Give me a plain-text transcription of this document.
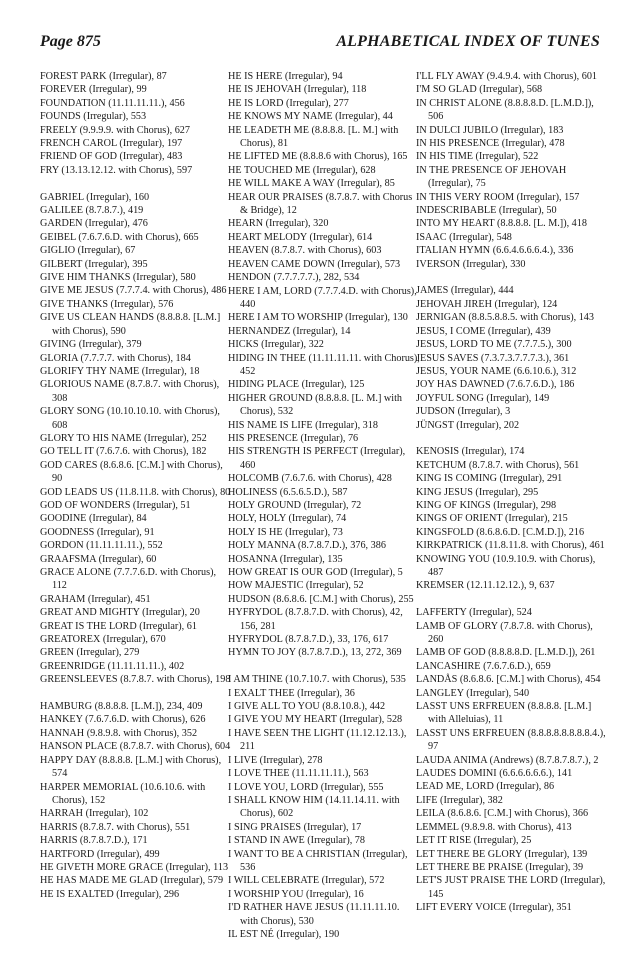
Page 875	ALPHABETICAL INDEX OF TUNES
FOREST PARK (Irregular), 87
FOREVER (Irregular), 99
FOUNDATION (11.11.11.11.), 456
FOUNDS (Irregular), 553
FREELY (9.9.9.9. with Chorus), 627
FRENCH CAROL (Irregular), 197
FRIEND OF GOD (Irregular), 483
FRY (13.13.12.12. with Chorus), 597
GABRIEL (Irregular), 160
GALILEE (8.7.8.7.), 419
GARDEN (Irregular), 476
GEIBEL (7.6.7.6.D. with Chorus), 665
GIGLIO (Irregular), 67
GILBERT (Irregular), 395
GIVE HIM THANKS (Irregular), 580
GIVE ME JESUS (7.7.7.4. with Chorus), 486
GIVE THANKS (Irregular), 576
GIVE US CLEAN HANDS (8.8.8.8. [L.M.] with Chorus), 590
GIVING (Irregular), 379
GLORIA (7.7.7.7. with Chorus), 184
GLORIFY THY NAME (Irregular), 18
GLORIOUS NAME (8.7.8.7. with Chorus), 308
GLORY SONG (10.10.10.10. with Chorus), 608
GLORY TO HIS NAME (Irregular), 252
GO TELL IT (7.6.7.6. with Chorus), 182
GOD CARES (8.6.8.6. [C.M.] with Chorus), 90
GOD LEADS US (11.8.11.8. with Chorus), 80
GOD OF WONDERS (Irregular), 51
GOODINE (Irregular), 84
GOODNESS (Irregular), 91
GORDON (11.11.11.11.), 552
GRAAFSMA (Irregular), 60
GRACE ALONE (7.7.7.6.D. with Chorus), 112
GRAHAM (Irregular), 451
GREAT AND MIGHTY (Irregular), 20
GREAT IS THE LORD (Irregular), 61
GREATOREX (Irregular), 670
GREEN (Irregular), 279
GREENRIDGE (11.11.11.11.), 402
GREENSLEEVES (8.7.8.7. with Chorus), 198
HAMBURG (8.8.8.8. [L.M.]), 234, 409
HANKEY (7.6.7.6.D. with Chorus), 626
HANNAH (9.8.9.8. with Chorus), 352
HANSON PLACE (8.7.8.7. with Chorus), 604
HAPPY DAY (8.8.8.8. [L.M.] with Chorus), 574
HARPER MEMORIAL (10.6.10.6. with Chorus), 152
HARRAH (Irregular), 102
HARRIS (8.7.8.7. with Chorus), 551
HARRIS (8.7.8.7.D.), 171
HARTFORD (Irregular), 499
HE GIVETH MORE GRACE (Irregular), 113
HE HAS MADE ME GLAD (Irregular), 579
HE IS EXALTED (Irregular), 296
HE IS HERE (Irregular), 94
HE IS JEHOVAH (Irregular), 118
HE IS LORD (Irregular), 277
HE KNOWS MY NAME (Irregular), 44
HE LEADETH ME (8.8.8.8. [L. M.] with Chorus), 81
HE LIFTED ME (8.8.8.6 with Chorus), 165
HE TOUCHED ME (Irregular), 628
HE WILL MAKE A WAY (Irregular), 85
HEAR OUR PRAISES (8.7.8.7. with Chorus & Bridge), 12
HEARN (Irregular), 320
HEART MELODY (Irregular), 614
HEAVEN (8.7.8.7. with Chorus), 603
HEAVEN CAME DOWN (Irregular), 573
HENDON (7.7.7.7.7.), 282, 534
HERE I AM, LORD (7.7.7.4.D. with Chorus), 440
HERE I AM TO WORSHIP (Irregular), 130
HERNANDEZ (Irregular), 14
HICKS (Irregular), 322
HIDING IN THEE (11.11.11.11. with Chorus), 452
HIDING PLACE (Irregular), 125
HIGHER GROUND (8.8.8.8. [L. M.] with Chorus), 532
HIS NAME IS LIFE (Irregular), 318
HIS PRESENCE (Irregular), 76
HIS STRENGTH IS PERFECT (Irregular), 460
HOLCOMB (7.6.7.6. with Chorus), 428
HOLINESS (6.5.6.5.D.), 587
HOLY GROUND (Irregular), 72
HOLY, HOLY (Irregular), 74
HOLY IS HE (Irregular), 73
HOLY MANNA (8.7.8.7.D.), 376, 386
HOSANNA (Irregular), 135
HOW GREAT IS OUR GOD (Irregular), 5
HOW MAJESTIC (Irregular), 52
HUDSON (8.6.8.6. [C.M.] with Chorus), 255
HYFRYDOL (8.7.8.7.D. with Chorus), 42, 156, 281
HYFRYDOL (8.7.8.7.D.), 33, 176, 617
HYMN TO JOY (8.7.8.7.D.), 13, 272, 369
I AM THINE (10.7.10.7. with Chorus), 535
I EXALT THEE (Irregular), 36
I GIVE ALL TO YOU (8.8.10.8.), 442
I GIVE YOU MY HEART (Irregular), 528
I HAVE SEEN THE LIGHT (11.12.12.13.), 211
I LIVE (Irregular), 278
I LOVE THEE (11.11.11.11.), 563
I LOVE YOU, LORD (Irregular), 555
I SHALL KNOW HIM (14.11.14.11. with Chorus), 602
I SING PRAISES (Irregular), 17
I STAND IN AWE (Irregular), 78
I WANT TO BE A CHRISTIAN (Irregular), 536
I WILL CELEBRATE (Irregular), 572
I WORSHIP YOU (Irregular), 16
I'D RATHER HAVE JESUS (11.11.11.10. with Chorus), 530
IL EST NÉ (Irregular), 190
I'LL FLY AWAY (9.4.9.4. with Chorus), 601
I'M SO GLAD (Irregular), 568
IN CHRIST ALONE (8.8.8.8.D. [L.M.D.]), 506
IN DULCI JUBILO (Irregular), 183
IN HIS PRESENCE (Irregular), 478
IN HIS TIME (Irregular), 522
IN THE PRESENCE OF JEHOVAH (Irregular), 75
IN THIS VERY ROOM (Irregular), 157
INDESCRIBABLE (Irregular), 50
INTO MY HEART (8.8.8.8. [L. M.]), 418
ISAAC (Irregular), 548
ITALIAN HYMN (6.6.4.6.6.6.4.), 336
IVERSON (Irregular), 330
JAMES (Irregular), 444
JEHOVAH JIREH (Irregular), 124
JERNIGAN (8.8.5.8.8.5. with Chorus), 143
JESUS, I COME (Irregular), 439
JESUS, LORD TO ME (7.7.7.5.), 300
JESUS SAVES (7.3.7.3.7.7.7.3.), 361
JESUS, YOUR NAME (6.6.10.6.), 312
JOY HAS DAWNED (7.6.7.6.D.), 186
JOYFUL SONG (Irregular), 149
JUDSON (Irregular), 3
JÜNGST (Irregular), 202
KENOSIS (Irregular), 174
KETCHUM (8.7.8.7. with Chorus), 561
KING IS COMING (Irregular), 291
KING JESUS (Irregular), 295
KING OF KINGS (Irregular), 298
KINGS OF ORIENT (Irregular), 215
KINGSFOLD (8.6.8.6.D. [C.M.D.]), 216
KIRKPATRICK (11.8.11.8. with Chorus), 461
KNOWING YOU (10.9.10.9. with Chorus), 487
KREMSER (12.11.12.12.), 9, 637
LAFFERTY (Irregular), 524
LAMB OF GLORY (7.8.7.8. with Chorus), 260
LAMB OF GOD (8.8.8.8.D. [L.M.D.]), 261
LANCASHIRE (7.6.7.6.D.), 659
LANDÅS (8.6.8.6. [C.M.] with Chorus), 454
LANGLEY (Irregular), 540
LASST UNS ERFREUEN (8.8.8.8. [L.M.] with Alleluias), 11
LASST UNS ERFREUEN (8.8.8.8.8.8.8.8.4.), 97
LAUDA ANIMA (Andrews) (8.7.8.7.8.7.), 2
LAUDES DOMINI (6.6.6.6.6.6.), 141
LEAD ME, LORD (Irregular), 86
LIFE (Irregular), 382
LEILA (8.6.8.6. [C.M.] with Chorus), 366
LEMMEL (9.8.9.8. with Chorus), 413
LET IT RISE (Irregular), 25
LET THERE BE GLORY (Irregular), 139
LET THERE BE PRAISE (Irregular), 39
LET'S JUST PRAISE THE LORD (Irregular), 145
LIFT EVERY VOICE (Irregular), 351
